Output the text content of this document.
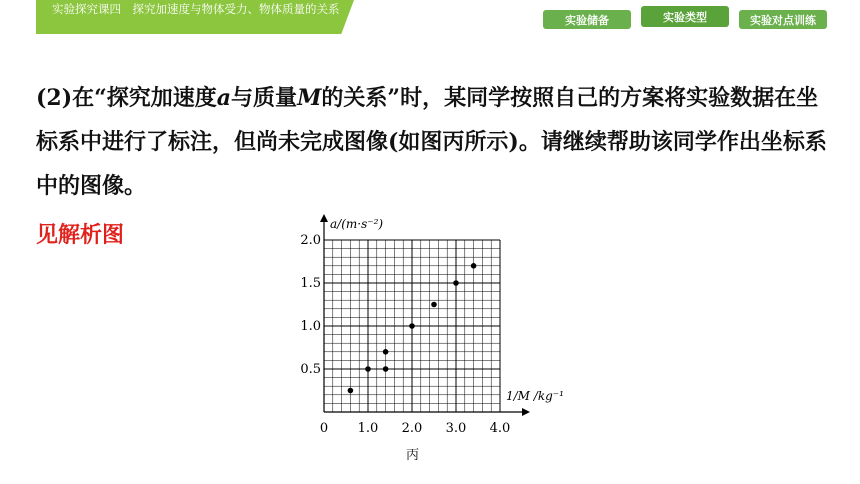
实验探究课四　探究加速度与物体受力、物体质量的关系
实验储备	实验类型	实验对点训练
(2)在“探究加速度a与质量M的关系”时，某同学按照自己的方案将实验数据在坐标系中进行了标注，但尚未完成图像(如图丙所示)。请继续帮助该同学作出坐标系中的图像。
见解析图	a/(m·s⁻²)
1/M /kg⁻¹
0 1.0 2.0 3.0 4.0
0.5
1.0
1.5
2.0
丙
